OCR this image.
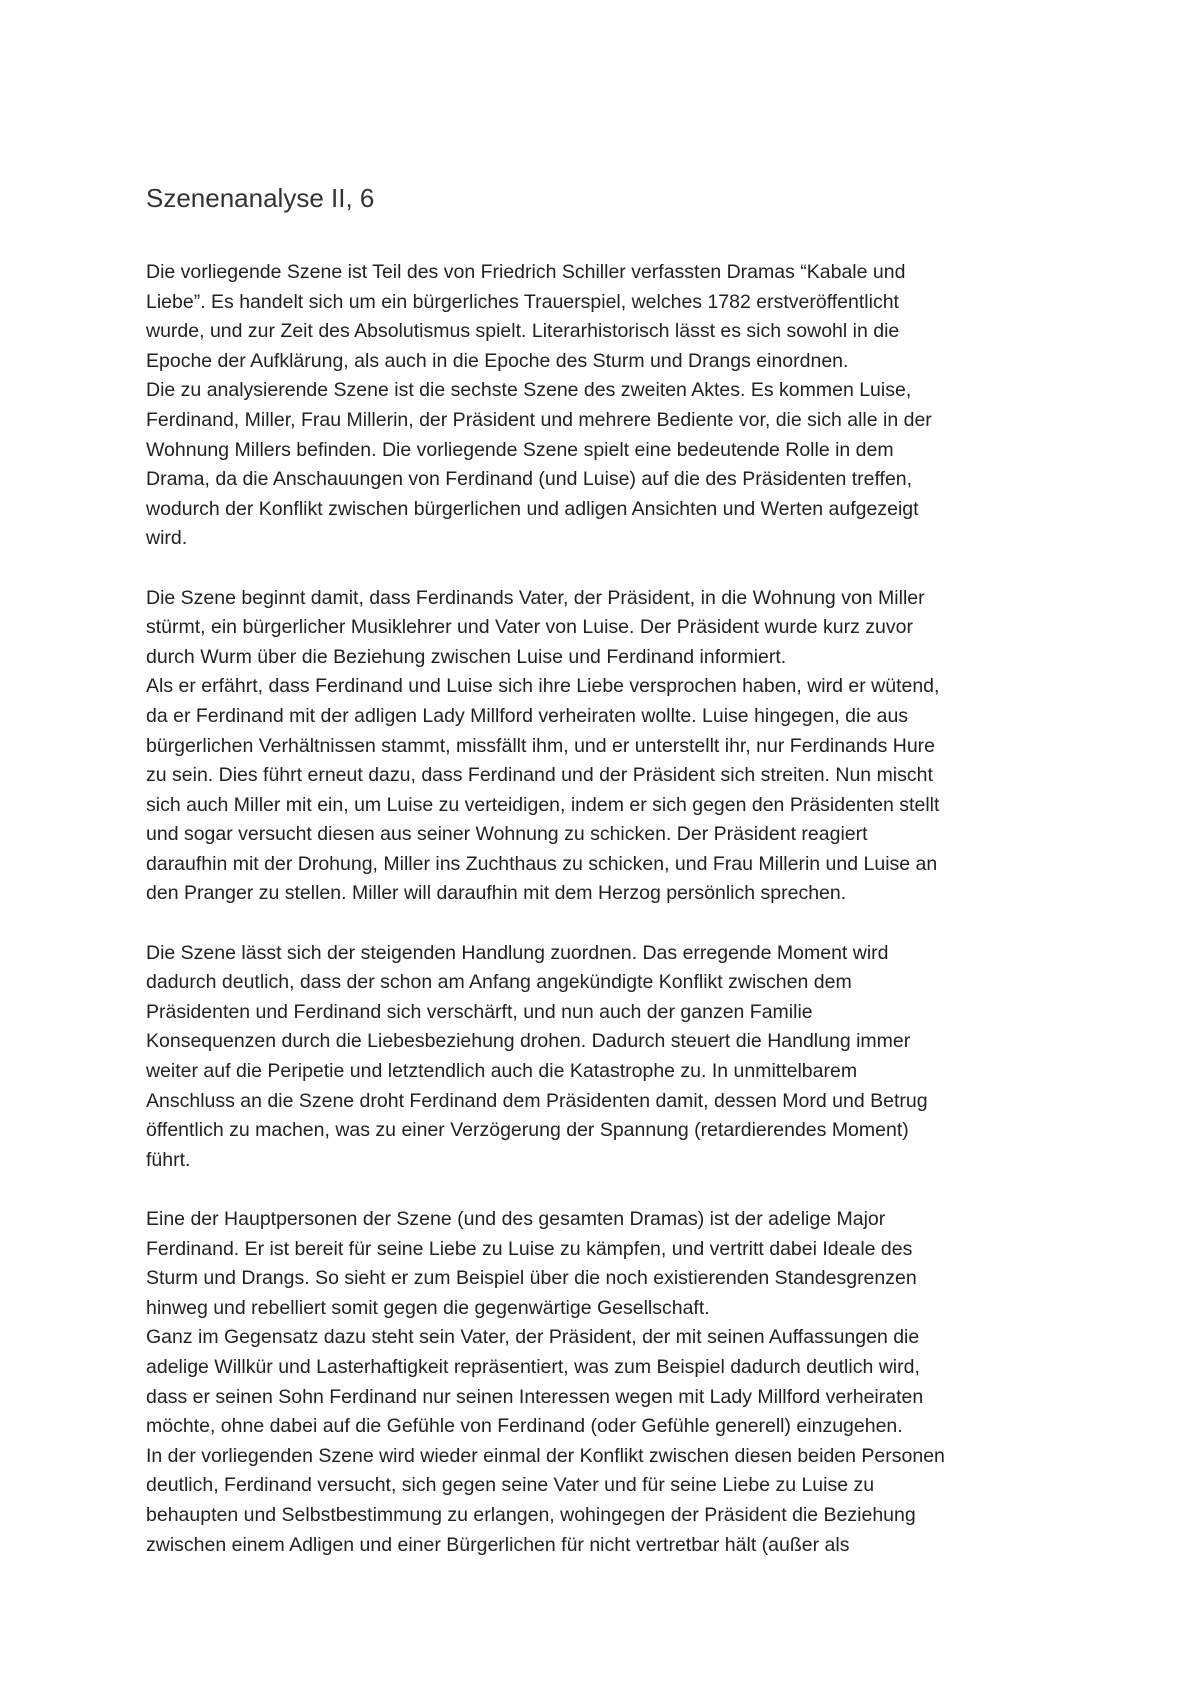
Szenenanalyse II, 6
Die vorliegende Szene ist Teil des von Friedrich Schiller verfassten Dramas “Kabale und
Liebe”. Es handelt sich um ein bürgerliches Trauerspiel, welches 1782 erstveröffentlicht
wurde, und zur Zeit des Absolutismus spielt. Literarhistorisch lässt es sich sowohl in die
Epoche der Aufklärung, als auch in die Epoche des Sturm und Drangs einordnen.
Die zu analysierende Szene ist die sechste Szene des zweiten Aktes. Es kommen Luise,
Ferdinand, Miller, Frau Millerin, der Präsident und mehrere Bediente vor, die sich alle in der
Wohnung Millers befinden. Die vorliegende Szene spielt eine bedeutende Rolle in dem
Drama, da die Anschauungen von Ferdinand (und Luise) auf die des Präsidenten treffen,
wodurch der Konflikt zwischen bürgerlichen und adligen Ansichten und Werten aufgezeigt
wird.
Die Szene beginnt damit, dass Ferdinands Vater, der Präsident, in die Wohnung von Miller
stürmt, ein bürgerlicher Musiklehrer und Vater von Luise. Der Präsident wurde kurz zuvor
durch Wurm über die Beziehung zwischen Luise und Ferdinand informiert.
Als er erfährt, dass Ferdinand und Luise sich ihre Liebe versprochen haben, wird er wütend,
da er Ferdinand mit der adligen Lady Millford verheiraten wollte. Luise hingegen, die aus
bürgerlichen Verhältnissen stammt, missfällt ihm, und er unterstellt ihr, nur Ferdinands Hure
zu sein. Dies führt erneut dazu, dass Ferdinand und der Präsident sich streiten. Nun mischt
sich auch Miller mit ein, um Luise zu verteidigen, indem er sich gegen den Präsidenten stellt
und sogar versucht diesen aus seiner Wohnung zu schicken. Der Präsident reagiert
daraufhin mit der Drohung, Miller ins Zuchthaus zu schicken, und Frau Millerin und Luise an
den Pranger zu stellen. Miller will daraufhin mit dem Herzog persönlich sprechen.
Die Szene lässt sich der steigenden Handlung zuordnen. Das erregende Moment wird
dadurch deutlich, dass der schon am Anfang angekündigte Konflikt zwischen dem
Präsidenten und Ferdinand sich verschärft, und nun auch der ganzen Familie
Konsequenzen durch die Liebesbeziehung drohen. Dadurch steuert die Handlung immer
weiter auf die Peripetie und letztendlich auch die Katastrophe zu. In unmittelbarem
Anschluss an die Szene droht Ferdinand dem Präsidenten damit, dessen Mord und Betrug
öffentlich zu machen, was zu einer Verzögerung der Spannung (retardierendes Moment)
führt.
Eine der Hauptpersonen der Szene (und des gesamten Dramas) ist der adelige Major
Ferdinand. Er ist bereit für seine Liebe zu Luise zu kämpfen, und vertritt dabei Ideale des
Sturm und Drangs. So sieht er zum Beispiel über die noch existierenden Standesgrenzen
hinweg und rebelliert somit gegen die gegenwärtige Gesellschaft.
Ganz im Gegensatz dazu steht sein Vater, der Präsident, der mit seinen Auffassungen die
adelige Willkür und Lasterhaftigkeit repräsentiert, was zum Beispiel dadurch deutlich wird,
dass er seinen Sohn Ferdinand nur seinen Interessen wegen mit Lady Millford verheiraten
möchte, ohne dabei auf die Gefühle von Ferdinand (oder Gefühle generell) einzugehen.
In der vorliegenden Szene wird wieder einmal der Konflikt zwischen diesen beiden Personen
deutlich, Ferdinand versucht, sich gegen seine Vater und für seine Liebe zu Luise zu
behaupten und Selbstbestimmung zu erlangen, wohingegen der Präsident die Beziehung
zwischen einem Adligen und einer Bürgerlichen für nicht vertretbar hält (außer als
